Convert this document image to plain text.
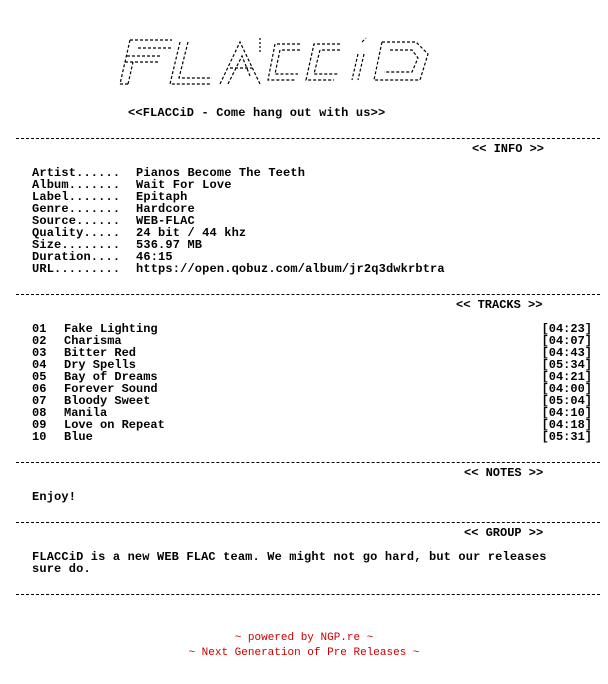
<<FLACCiD - Come hang out with us>>
<< INFO >>
Artist...... Pianos Become The Teeth
Album....... Wait For Love
Label....... Epitaph
Genre....... Hardcore
Source...... WEB-FLAC
Quality..... 24 bit / 44 khz
Size........ 536.97 MB
Duration.... 46:15
URL......... https://open.qobuz.com/album/jr2q3dwkrbtra
<< TRACKS >>
01 Fake Lighting	[04:23]
02 Charisma	[04:07]
03 Bitter Red	[04:43]
04 Dry Spells	[05:34]
05 Bay of Dreams	[04:21]
06 Forever Sound	[04:00]
07 Bloody Sweet	[05:04]
08 Manila	[04:10]
09 Love on Repeat	[04:18]
10 Blue	[05:31]
<< NOTES >>
Enjoy!
<< GROUP >>
FLACCiD is a new WEB FLAC team. We might not go hard, but our releases
sure do.
~ powered by NGP.re ~
~ Next Generation of Pre Releases ~
